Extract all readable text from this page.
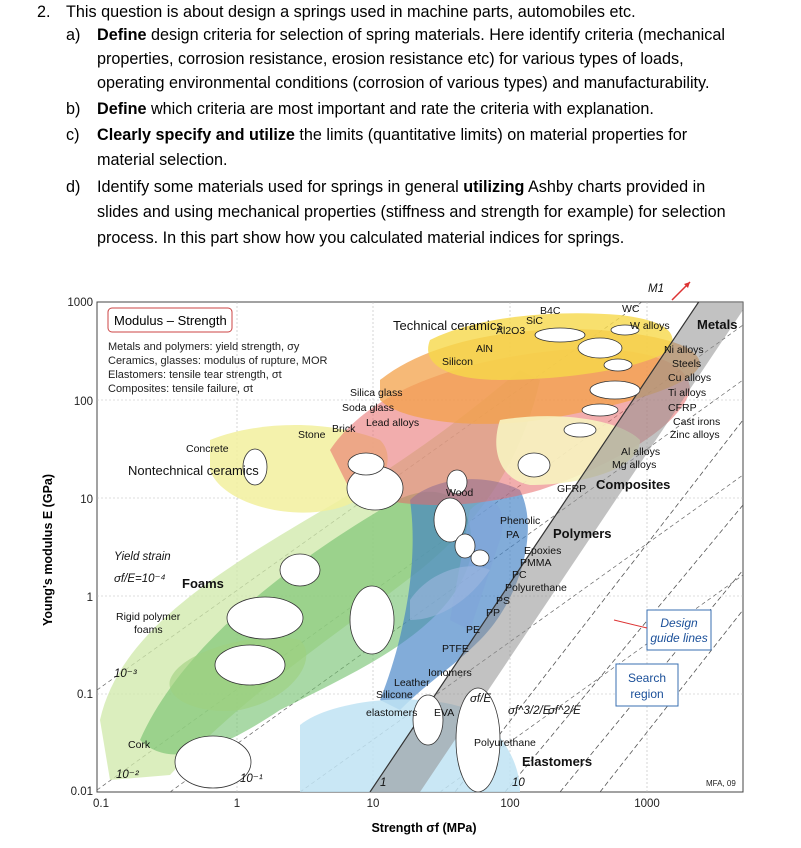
2. This question is about design a springs used in machine parts, automobiles etc.
a) Define design criteria for selection of spring materials. Here identify criteria (mechanical
properties, corrosion resistance, erosion resistance etc) for various types of loads,
operating environmental conditions (corrosion of various types) and manufacturability.
b) Define which criteria are most important and rate the criteria with explanation.
c) Clearly specify and utilize the limits (quantitative limits) on material properties for
material selection.
d) Identify some materials used for springs in general utilizing Ashby charts provided in
slides and using mechanical properties (stiffness and strength for example) for selection
process. In this part show how you calculated material indices for springs.
1000
100
10
1
0.1
0.01
0.1	1	10	100	1000
Strength σf (MPa)
Young's modulus E (GPa)
Modulus – Strength
Metals and polymers: yield strength, σy
Ceramics, glasses: modulus of rupture, MOR
Elastomers: tensile tear strength, σt
Composites: tensile failure, σt
Technical ceramics	Metals
Composites
Nontechnical ceramics
Polymers
Foams
Elastomers
SiC
B4C
Al2O3
AlN
Silicon
WC
W alloys
Ni alloys
Steels
Cu alloys
Ti alloys
CFRP
Cast irons
Zinc alloys
Al alloys
Mg alloys
GFRP
Silica glass
Soda glass
Lead alloys
Brick
Stone
Concrete
Wood
Phenolic
PA
Epoxies
PMMA
PC
Polyurethane
PS
PP
PE
PTFE
Ionomers
Leather
Silicone
elastomers EVA
Polyurethane
Cork
Rigid polymer
foams
Yield strain
σf/E=10⁻⁴
10⁻³
10⁻²	10⁻¹	1	10
M1
σf/E
σf^3/2/E
σf^2/E
Design guide lines
Search region
MFA, 09
